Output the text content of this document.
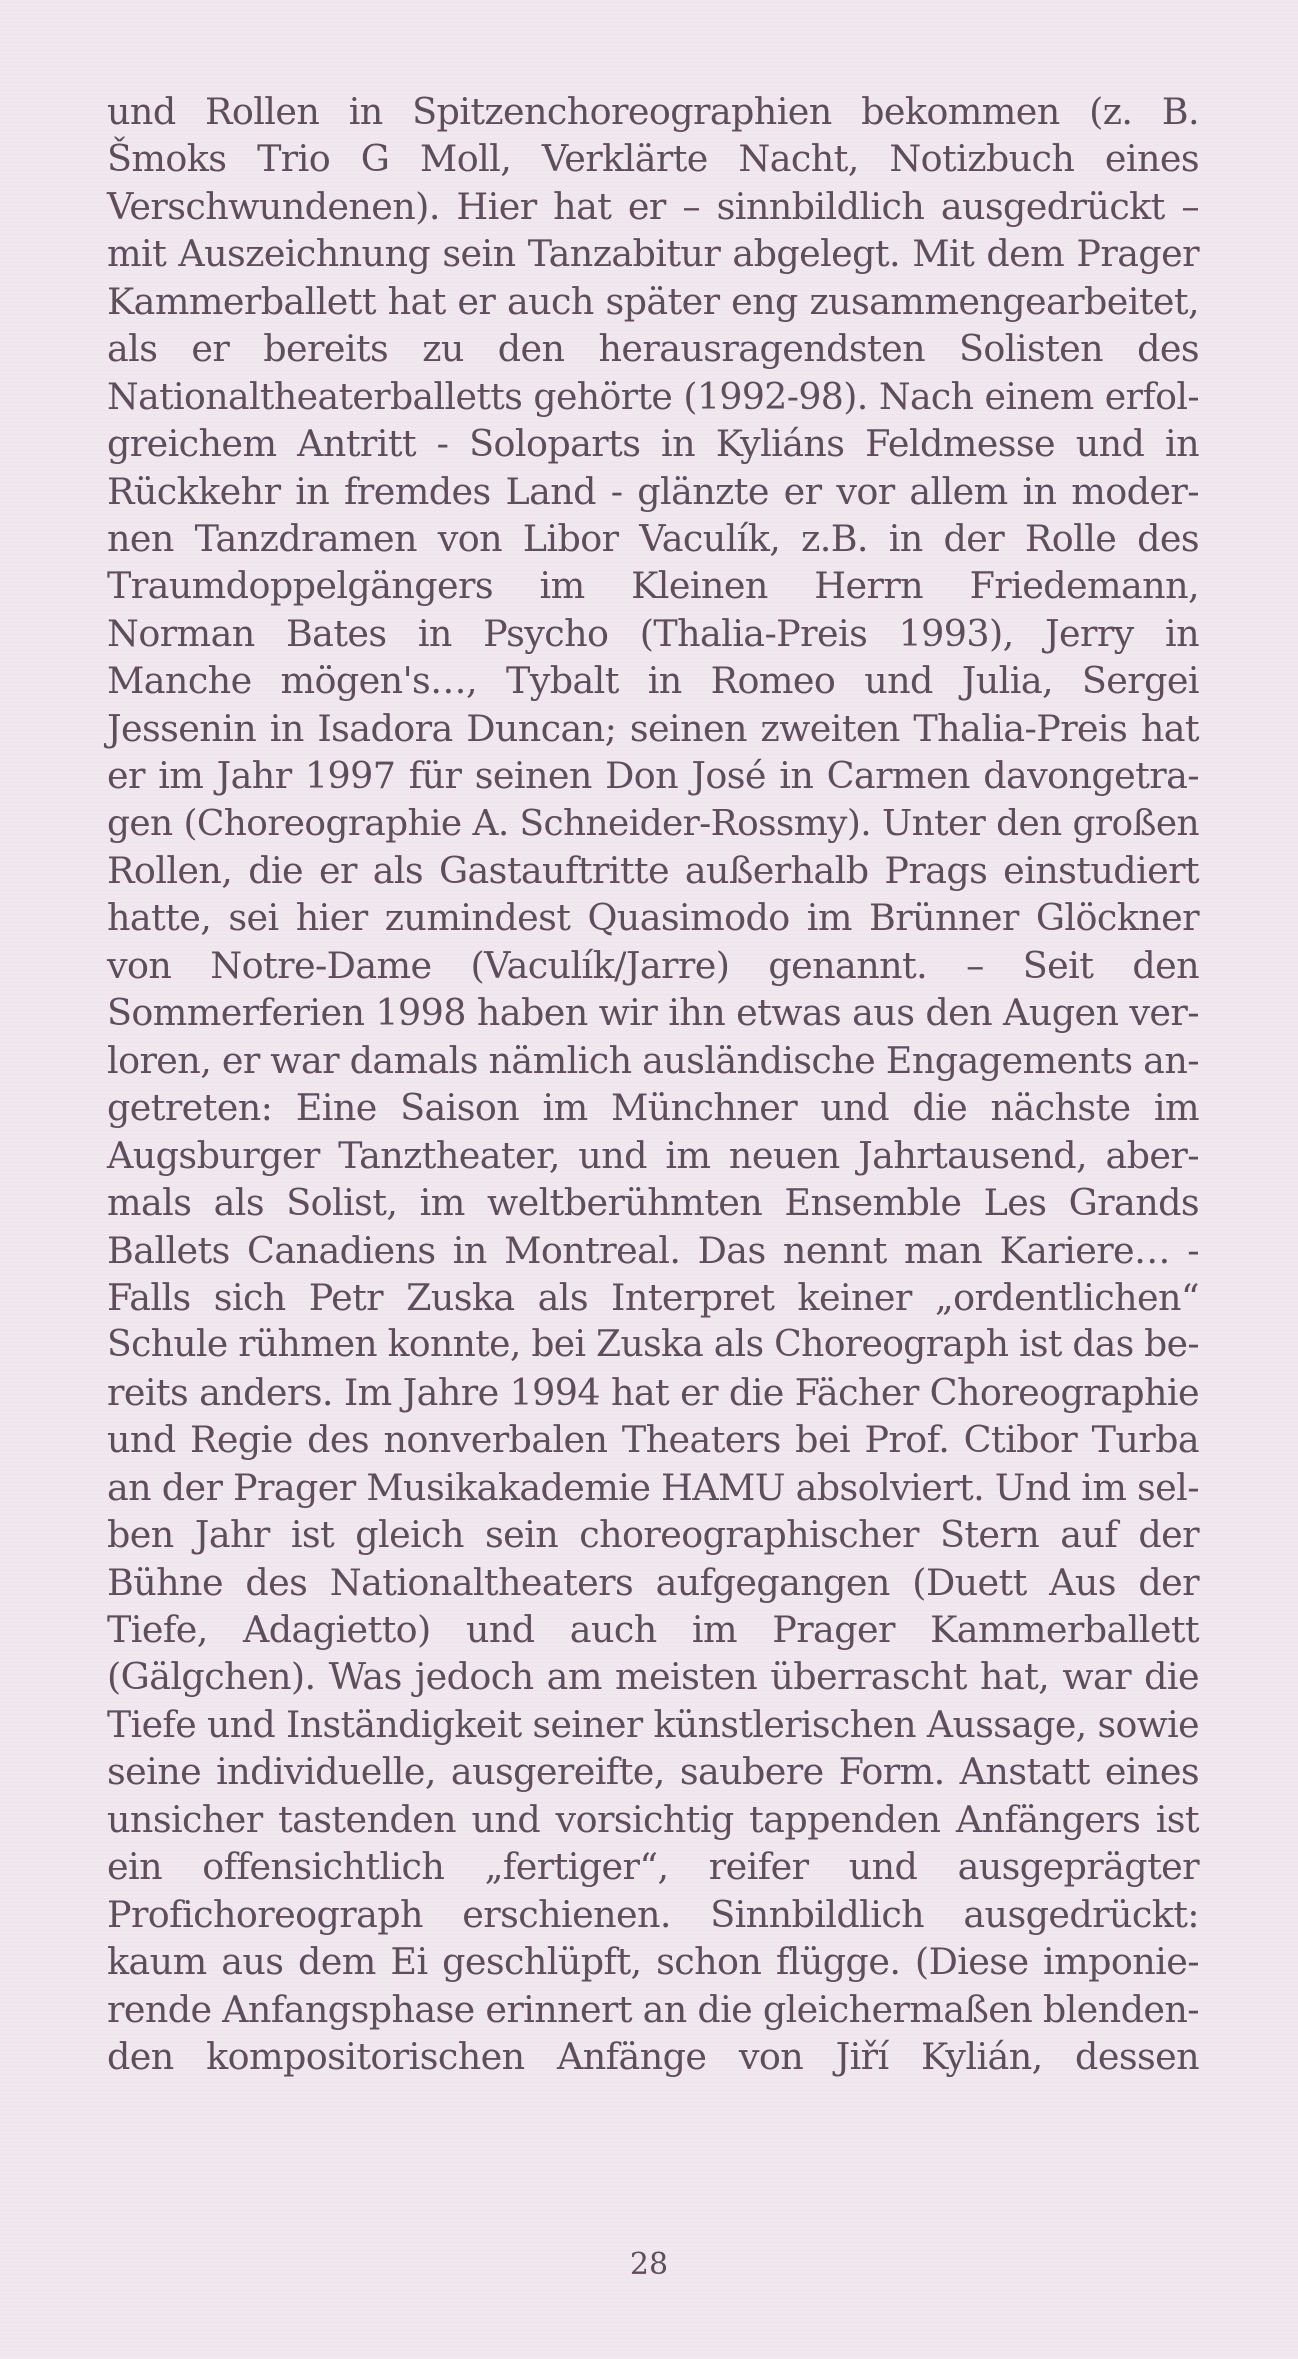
und Rollen in Spitzenchoreographien bekommen (z. B.
Šmoks Trio G Moll, Verklärte Nacht, Notizbuch eines
Verschwundenen). Hier hat er – sinnbildlich ausgedrückt –
mit Auszeichnung sein Tanzabitur abgelegt. Mit dem Prager
Kammerballett hat er auch später eng zusammengearbeitet,
als er bereits zu den herausragendsten Solisten des
Nationaltheaterballetts gehörte (1992-98). Nach einem erfol-
greichem Antritt - Soloparts in Kyliáns Feldmesse und in
Rückkehr in fremdes Land - glänzte er vor allem in moder-
nen Tanzdramen von Libor Vaculík, z.B. in der Rolle des
Traumdoppelgängers im Kleinen Herrn Friedemann,
Norman Bates in Psycho (Thalia-Preis 1993), Jerry in
Manche mögen's…, Tybalt in Romeo und Julia, Sergei
Jessenin in Isadora Duncan; seinen zweiten Thalia-Preis hat
er im Jahr 1997 für seinen Don José in Carmen davongetra-
gen (Choreographie A. Schneider-Rossmy). Unter den großen
Rollen, die er als Gastauftritte außerhalb Prags einstudiert
hatte, sei hier zumindest Quasimodo im Brünner Glöckner
von Notre-Dame (Vaculík/Jarre) genannt. – Seit den
Sommerferien 1998 haben wir ihn etwas aus den Augen ver-
loren, er war damals nämlich ausländische Engagements an-
getreten: Eine Saison im Münchner und die nächste im
Augsburger Tanztheater, und im neuen Jahrtausend, aber-
mals als Solist, im weltberühmten Ensemble Les Grands
Ballets Canadiens in Montreal. Das nennt man Kariere… -
Falls sich Petr Zuska als Interpret keiner „ordentlichen“
Schule rühmen konnte, bei Zuska als Choreograph ist das be-
reits anders. Im Jahre 1994 hat er die Fächer Choreographie
und Regie des nonverbalen Theaters bei Prof. Ctibor Turba
an der Prager Musikakademie HAMU absolviert. Und im sel-
ben Jahr ist gleich sein choreographischer Stern auf der
Bühne des Nationaltheaters aufgegangen (Duett Aus der
Tiefe, Adagietto) und auch im Prager Kammerballett
(Gälgchen). Was jedoch am meisten überrascht hat, war die
Tiefe und Inständigkeit seiner künstlerischen Aussage, sowie
seine individuelle, ausgereifte, saubere Form. Anstatt eines
unsicher tastenden und vorsichtig tappenden Anfängers ist
ein offensichtlich „fertiger“, reifer und ausgeprägter
Profichoreograph erschienen. Sinnbildlich ausgedrückt:
kaum aus dem Ei geschlüpft, schon flügge. (Diese imponie-
rende Anfangsphase erinnert an die gleichermaßen blenden-
den kompositorischen Anfänge von Jiří Kylián, dessen
28
